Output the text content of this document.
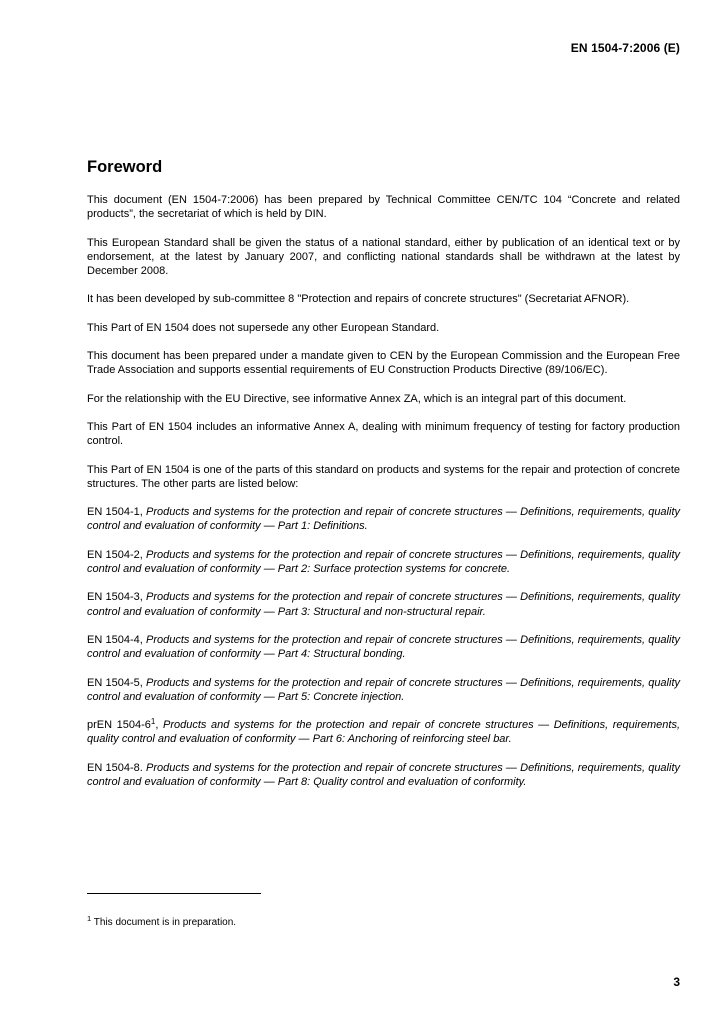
EN 1504-7:2006 (E)
Foreword

This document (EN 1504-7:2006) has been prepared by Technical Committee CEN/TC 104 “Concrete and related products”, the secretariat of which is held by DIN.

This European Standard shall be given the status of a national standard, either by publication of an identical text or by endorsement, at the latest by January 2007, and conflicting national standards shall be withdrawn at the latest by December 2008.

It has been developed by sub-committee 8 "Protection and repairs of concrete structures" (Secretariat AFNOR).

This Part of EN 1504 does not supersede any other European Standard.

This document has been prepared under a mandate given to CEN by the European Commission and the European Free Trade Association and supports essential requirements of EU Construction Products Directive (89/106/EC).

For the relationship with the EU Directive, see informative Annex ZA, which is an integral part of this document.

This Part of EN 1504 includes an informative Annex A, dealing with minimum frequency of testing for factory production control.

This Part of EN 1504 is one of the parts of this standard on products and systems for the repair and protection of concrete structures. The other parts are listed below:

EN 1504-1, Products and systems for the protection and repair of concrete structures — Definitions, requirements, quality control and evaluation of conformity — Part 1: Definitions.

EN 1504-2, Products and systems for the protection and repair of concrete structures — Definitions, requirements, quality control and evaluation of conformity — Part 2: Surface protection systems for concrete.

EN 1504-3, Products and systems for the protection and repair of concrete structures — Definitions, requirements, quality control and evaluation of conformity — Part 3: Structural and non-structural repair.

EN 1504-4, Products and systems for the protection and repair of concrete structures — Definitions, requirements, quality control and evaluation of conformity — Part 4: Structural bonding.

EN 1504-5, Products and systems for the protection and repair of concrete structures — Definitions, requirements, quality control and evaluation of conformity — Part 5: Concrete injection.

prEN 1504-6$^1$, Products and systems for the protection and repair of concrete structures — Definitions, requirements, quality control and evaluation of conformity — Part 6: Anchoring of reinforcing steel bar.

EN 1504-8. Products and systems for the protection and repair of concrete structures — Definitions, requirements, quality control and evaluation of conformity — Part 8: Quality control and evaluation of conformity.

$^1$ This document is in preparation.
3
